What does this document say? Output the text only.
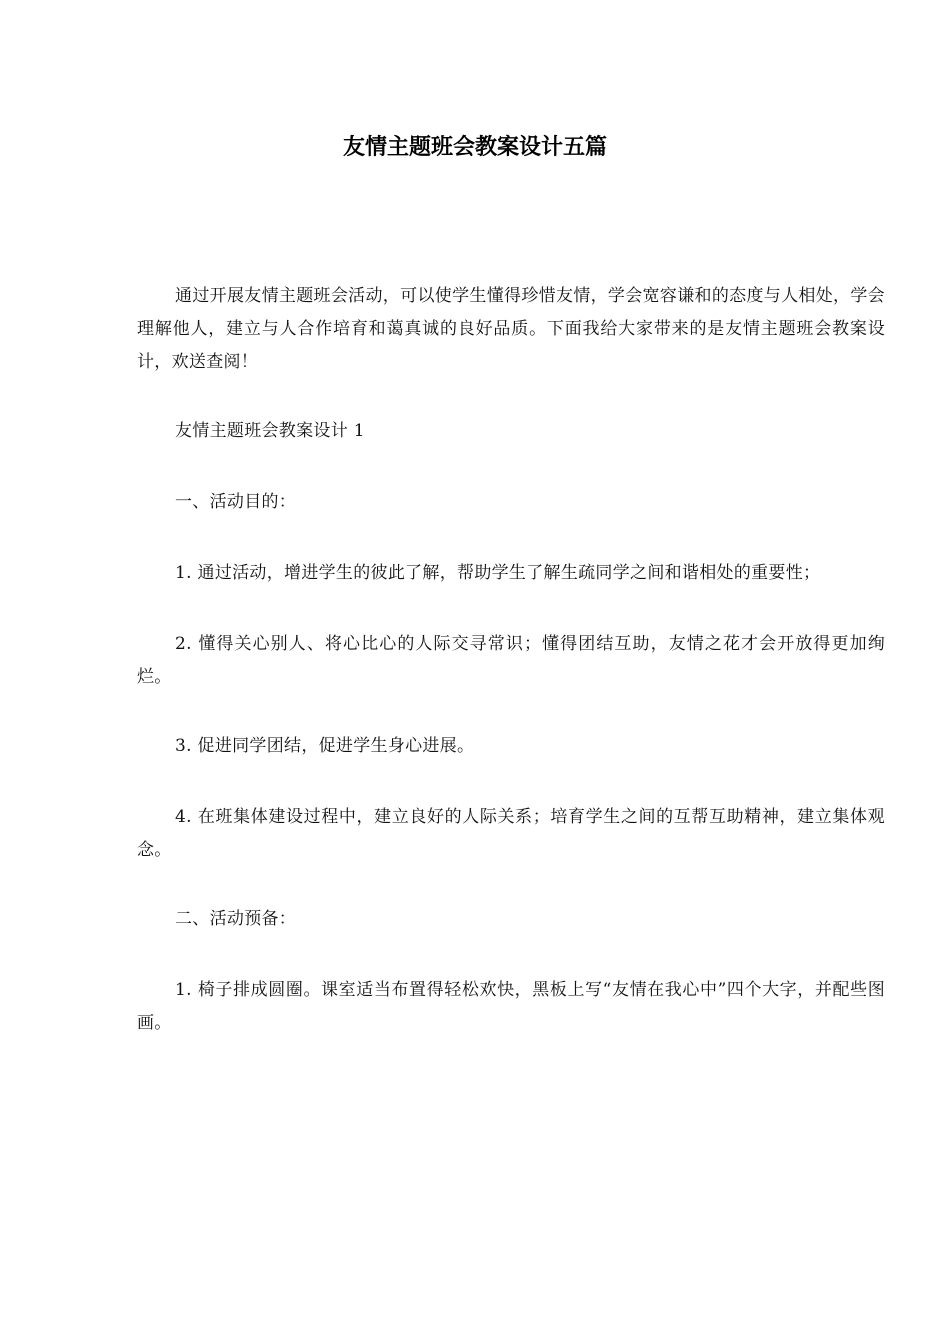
友情主题班会教案设计五篇

通过开展友情主题班会活动，可以使学生懂得珍惜友情，学会宽容谦和的态度与人相处，学会理解他人，建立与人合作培育和蔼真诚的良好品质。下面我给大家带来的是友情主题班会教案设计，欢送查阅！

友情主题班会教案设计 1

一、活动目的：

1. 通过活动，增进学生的彼此了解，帮助学生了解生疏同学之间和谐相处的重要性；

2. 懂得关心别人、将心比心的人际交寻常识；懂得团结互助，友情之花才会开放得更加绚烂。

3. 促进同学团结，促进学生身心进展。

4. 在班集体建设过程中，建立良好的人际关系；培育学生之间的互帮互助精神，建立集体观念。

二、活动预备：

1. 椅子排成圆圈。课室适当布置得轻松欢快，黑板上写“友情在我心中”四个大字，并配些图画。
